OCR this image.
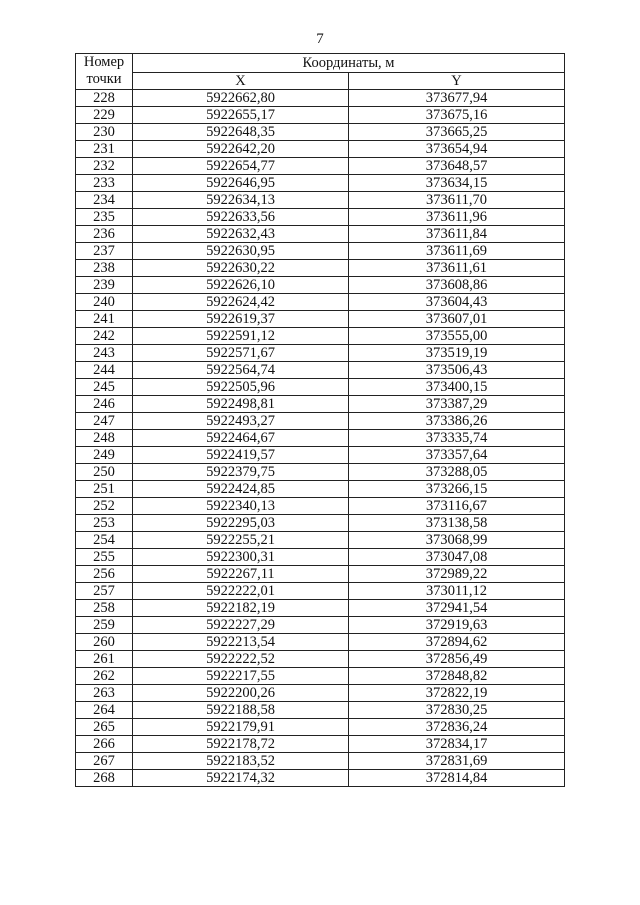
7
Номер
точки	Координаты, м	
	X	Y
228	5922662,80	373677,94
229	5922655,17	373675,16
230	5922648,35	373665,25
231	5922642,20	373654,94
232	5922654,77	373648,57
233	5922646,95	373634,15
234	5922634,13	373611,70
235	5922633,56	373611,96
236	5922632,43	373611,84
237	5922630,95	373611,69
238	5922630,22	373611,61
239	5922626,10	373608,86
240	5922624,42	373604,43
241	5922619,37	373607,01
242	5922591,12	373555,00
243	5922571,67	373519,19
244	5922564,74	373506,43
245	5922505,96	373400,15
246	5922498,81	373387,29
247	5922493,27	373386,26
248	5922464,67	373335,74
249	5922419,57	373357,64
250	5922379,75	373288,05
251	5922424,85	373266,15
252	5922340,13	373116,67
253	5922295,03	373138,58
254	5922255,21	373068,99
255	5922300,31	373047,08
256	5922267,11	372989,22
257	5922222,01	373011,12
258	5922182,19	372941,54
259	5922227,29	372919,63
260	5922213,54	372894,62
261	5922222,52	372856,49
262	5922217,55	372848,82
263	5922200,26	372822,19
264	5922188,58	372830,25
265	5922179,91	372836,24
266	5922178,72	372834,17
267	5922183,52	372831,69
268	5922174,32	372814,84
